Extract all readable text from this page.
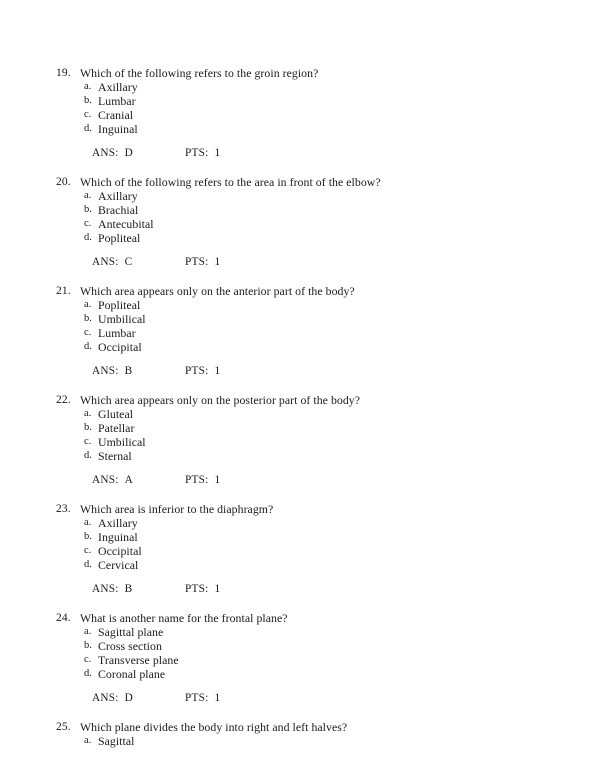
19. Which of the following refers to the groin region?
a. Axillary
b. Lumbar
c. Cranial
d. Inguinal
ANS: D	PTS: 1
20. Which of the following refers to the area in front of the elbow?
a. Axillary
b. Brachial
c. Antecubital
d. Popliteal
ANS: C	PTS: 1
21. Which area appears only on the anterior part of the body?
a. Popliteal
b. Umbilical
c. Lumbar
d. Occipital
ANS: B	PTS: 1
22. Which area appears only on the posterior part of the body?
a. Gluteal
b. Patellar
c. Umbilical
d. Sternal
ANS: A	PTS: 1
23. Which area is inferior to the diaphragm?
a. Axillary
b. Inguinal
c. Occipital
d. Cervical
ANS: B	PTS: 1
24. What is another name for the frontal plane?
a. Sagittal plane
b. Cross section
c. Transverse plane
d. Coronal plane
ANS: D	PTS: 1
25. Which plane divides the body into right and left halves?
a. Sagittal
